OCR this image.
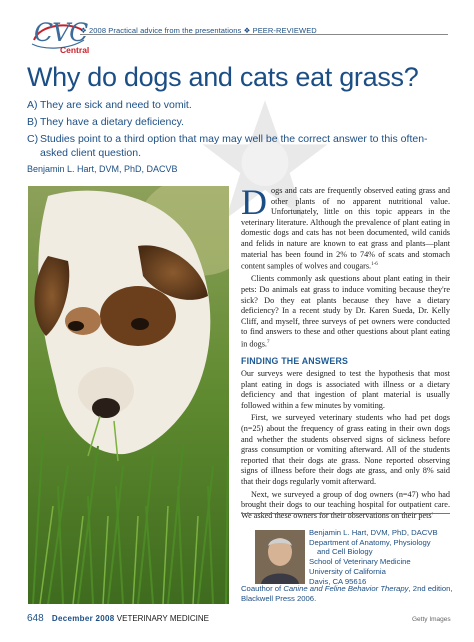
CVC
Central
❖ 2008 Practical advice from the presentations ❖ PEER-REVIEWED
Why do dogs and cats eat grass?
A) They are sick and need to vomit.
B) They have a dietary deficiency.
C) Studies point to a third option that may may well be the correct answer to this often-asked client question.
Benjamin L. Hart, DVM, PhD, DACVB

Dogs and cats are frequently observed eating grass and other plants of no apparent nutritional value. Unfortunately, little on this topic appears in the veterinary literature. Although the prevalence of plant eating in domestic dogs and cats has not been documented, wild canids and felids in nature are known to eat grass and plants—plant material has been found in 2% to 74% of scats and stomach content samples of wolves and cougars.$^{1-6}$

Clients commonly ask questions about plant eating in their pets: Do animals eat grass to induce vomiting because they're sick? Do they eat plants because they have a dietary deficiency? In a recent study by Dr. Karen Sueda, Dr. Kelly Cliff, and myself, three surveys of pet owners were conducted to find answers to these and other questions about plant eating in dogs.$^7$

FINDING THE ANSWERS

Our surveys were designed to test the hypothesis that most plant eating in dogs is associated with illness or a dietary deficiency and that ingestion of plant material is usually followed within a few minutes by vomiting.

First, we surveyed veterinary students who had pet dogs (n=25) about the frequency of grass eating in their own dogs and whether the students observed signs of sickness before grass consumption or vomiting afterward. All of the students reported that their dogs ate grass. None reported observing signs of illness before their dogs ate grass, and only 8% said that their dogs regularly vomit afterward.

Next, we surveyed a group of dog owners (n=47) who had brought their dogs to our teaching hospital for outpatient care. We asked these owners for their observations on their pets'

Benjamin L. Hart, DVM, PhD, DACVB
Department of Anatomy, Physiology
and Cell Biology
School of Veterinary Medicine
University of California
Davis, CA 95616
Coauthor of Canine and Feline Behavior Therapy, 2nd edition, Blackwell Press 2006.
648 December 2008 VETERINARY MEDICINE	Getty Images
